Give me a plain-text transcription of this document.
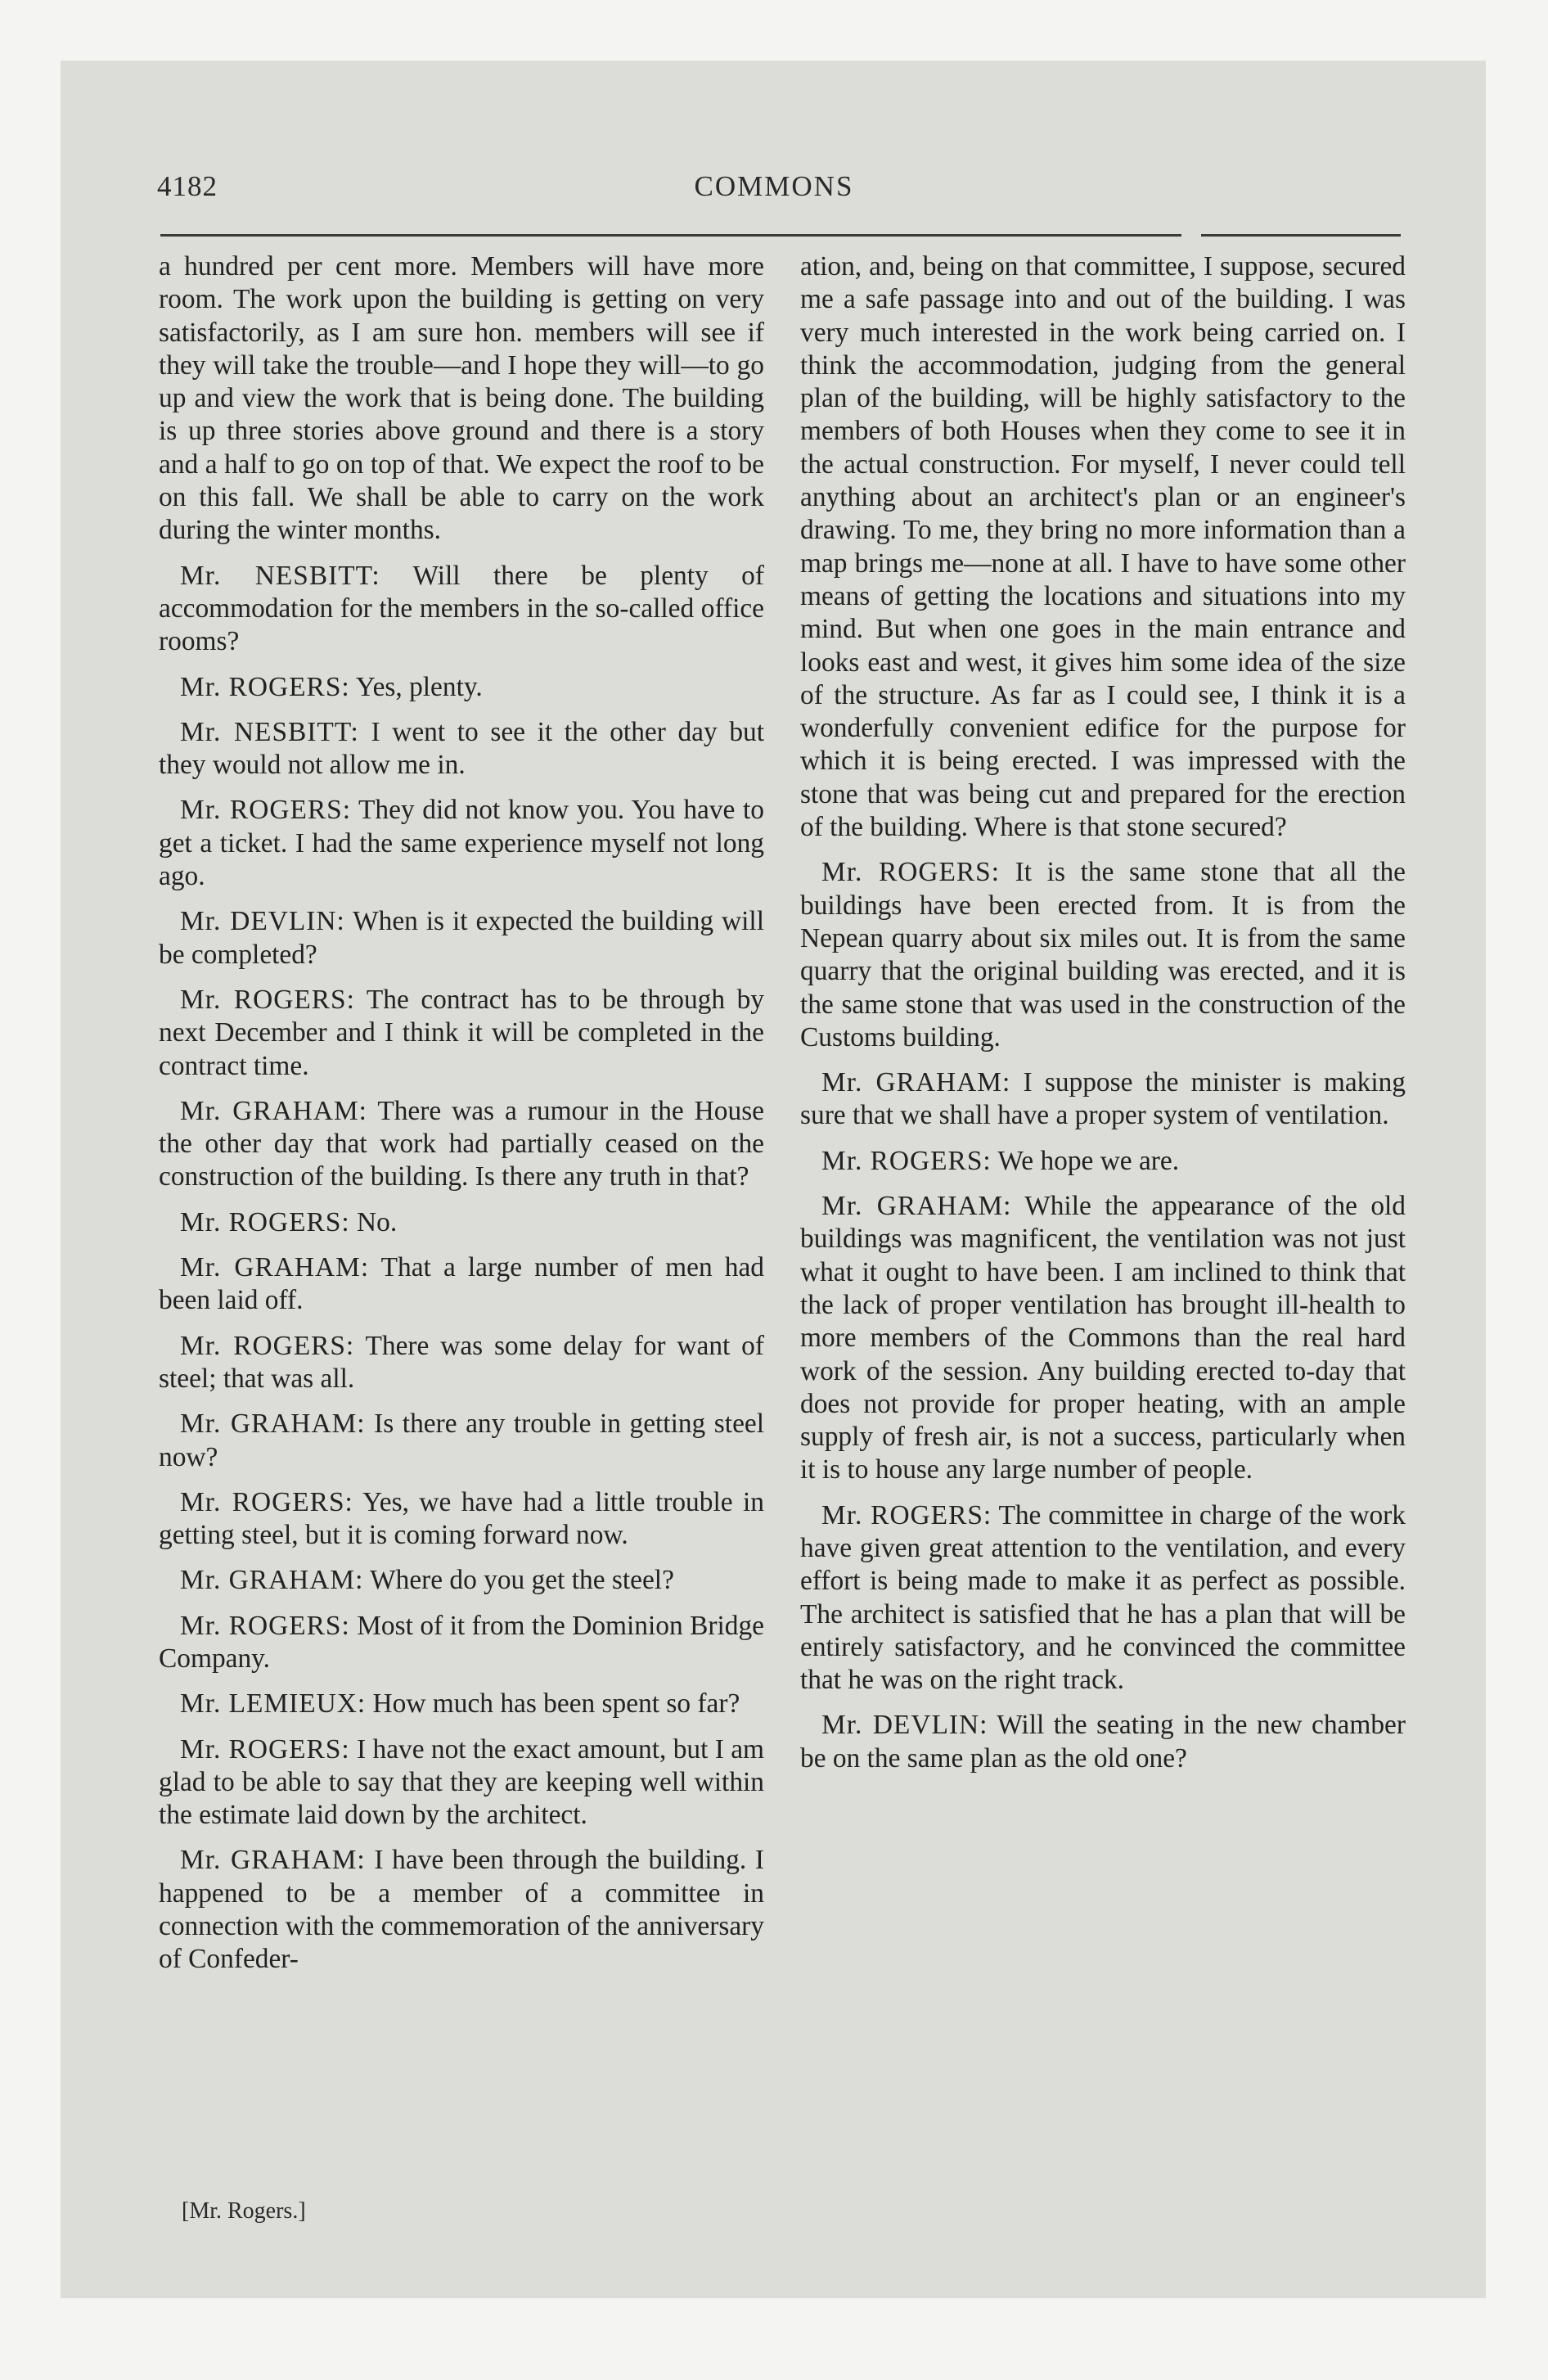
4182	COMMONS

a hundred per cent more. Members will have more room. The work upon the building is getting on very satisfactorily, as I am sure hon. members will see if they will take the trouble—and I hope they will—to go up and view the work that is being done. The building is up three stories above ground and there is a story and a half to go on top of that. We expect the roof to be on this fall. We shall be able to carry on the work during the winter months.

Mr. NESBITT: Will there be plenty of accommodation for the members in the so-called office rooms?

Mr. ROGERS: Yes, plenty.

Mr. NESBITT: I went to see it the other day but they would not allow me in.

Mr. ROGERS: They did not know you. You have to get a ticket. I had the same experience myself not long ago.

Mr. DEVLIN: When is it expected the building will be completed?

Mr. ROGERS: The contract has to be through by next December and I think it will be completed in the contract time.

Mr. GRAHAM: There was a rumour in the House the other day that work had partially ceased on the construction of the building. Is there any truth in that?

Mr. ROGERS: No.

Mr. GRAHAM: That a large number of men had been laid off.

Mr. ROGERS: There was some delay for want of steel; that was all.

Mr. GRAHAM: Is there any trouble in getting steel now?

Mr. ROGERS: Yes, we have had a little trouble in getting steel, but it is coming forward now.

Mr. GRAHAM: Where do you get the steel?

Mr. ROGERS: Most of it from the Dominion Bridge Company.

Mr. LEMIEUX: How much has been spent so far?

Mr. ROGERS: I have not the exact amount, but I am glad to be able to say that they are keeping well within the estimate laid down by the architect.

Mr. GRAHAM: I have been through the building. I happened to be a member of a committee in connection with the commemoration of the anniversary of Confeder-

ation, and, being on that committee, I suppose, secured me a safe passage into and out of the building. I was very much interested in the work being carried on. I think the accommodation, judging from the general plan of the building, will be highly satisfactory to the members of both Houses when they come to see it in the actual construction. For myself, I never could tell anything about an architect's plan or an engineer's drawing. To me, they bring no more information than a map brings me—none at all. I have to have some other means of getting the locations and situations into my mind. But when one goes in the main entrance and looks east and west, it gives him some idea of the size of the structure. As far as I could see, I think it is a wonderfully convenient edifice for the purpose for which it is being erected. I was impressed with the stone that was being cut and prepared for the erection of the building. Where is that stone secured?

Mr. ROGERS: It is the same stone that all the buildings have been erected from. It is from the Nepean quarry about six miles out. It is from the same quarry that the original building was erected, and it is the same stone that was used in the construction of the Customs building.

Mr. GRAHAM: I suppose the minister is making sure that we shall have a proper system of ventilation.

Mr. ROGERS: We hope we are.

Mr. GRAHAM: While the appearance of the old buildings was magnificent, the ventilation was not just what it ought to have been. I am inclined to think that the lack of proper ventilation has brought ill-health to more members of the Commons than the real hard work of the session. Any building erected to-day that does not provide for proper heating, with an ample supply of fresh air, is not a success, particularly when it is to house any large number of people.

Mr. ROGERS: The committee in charge of the work have given great attention to the ventilation, and every effort is being made to make it as perfect as possible. The architect is satisfied that he has a plan that will be entirely satisfactory, and he convinced the committee that he was on the right track.

Mr. DEVLIN: Will the seating in the new chamber be on the same plan as the old one?

[Mr. Rogers.]
